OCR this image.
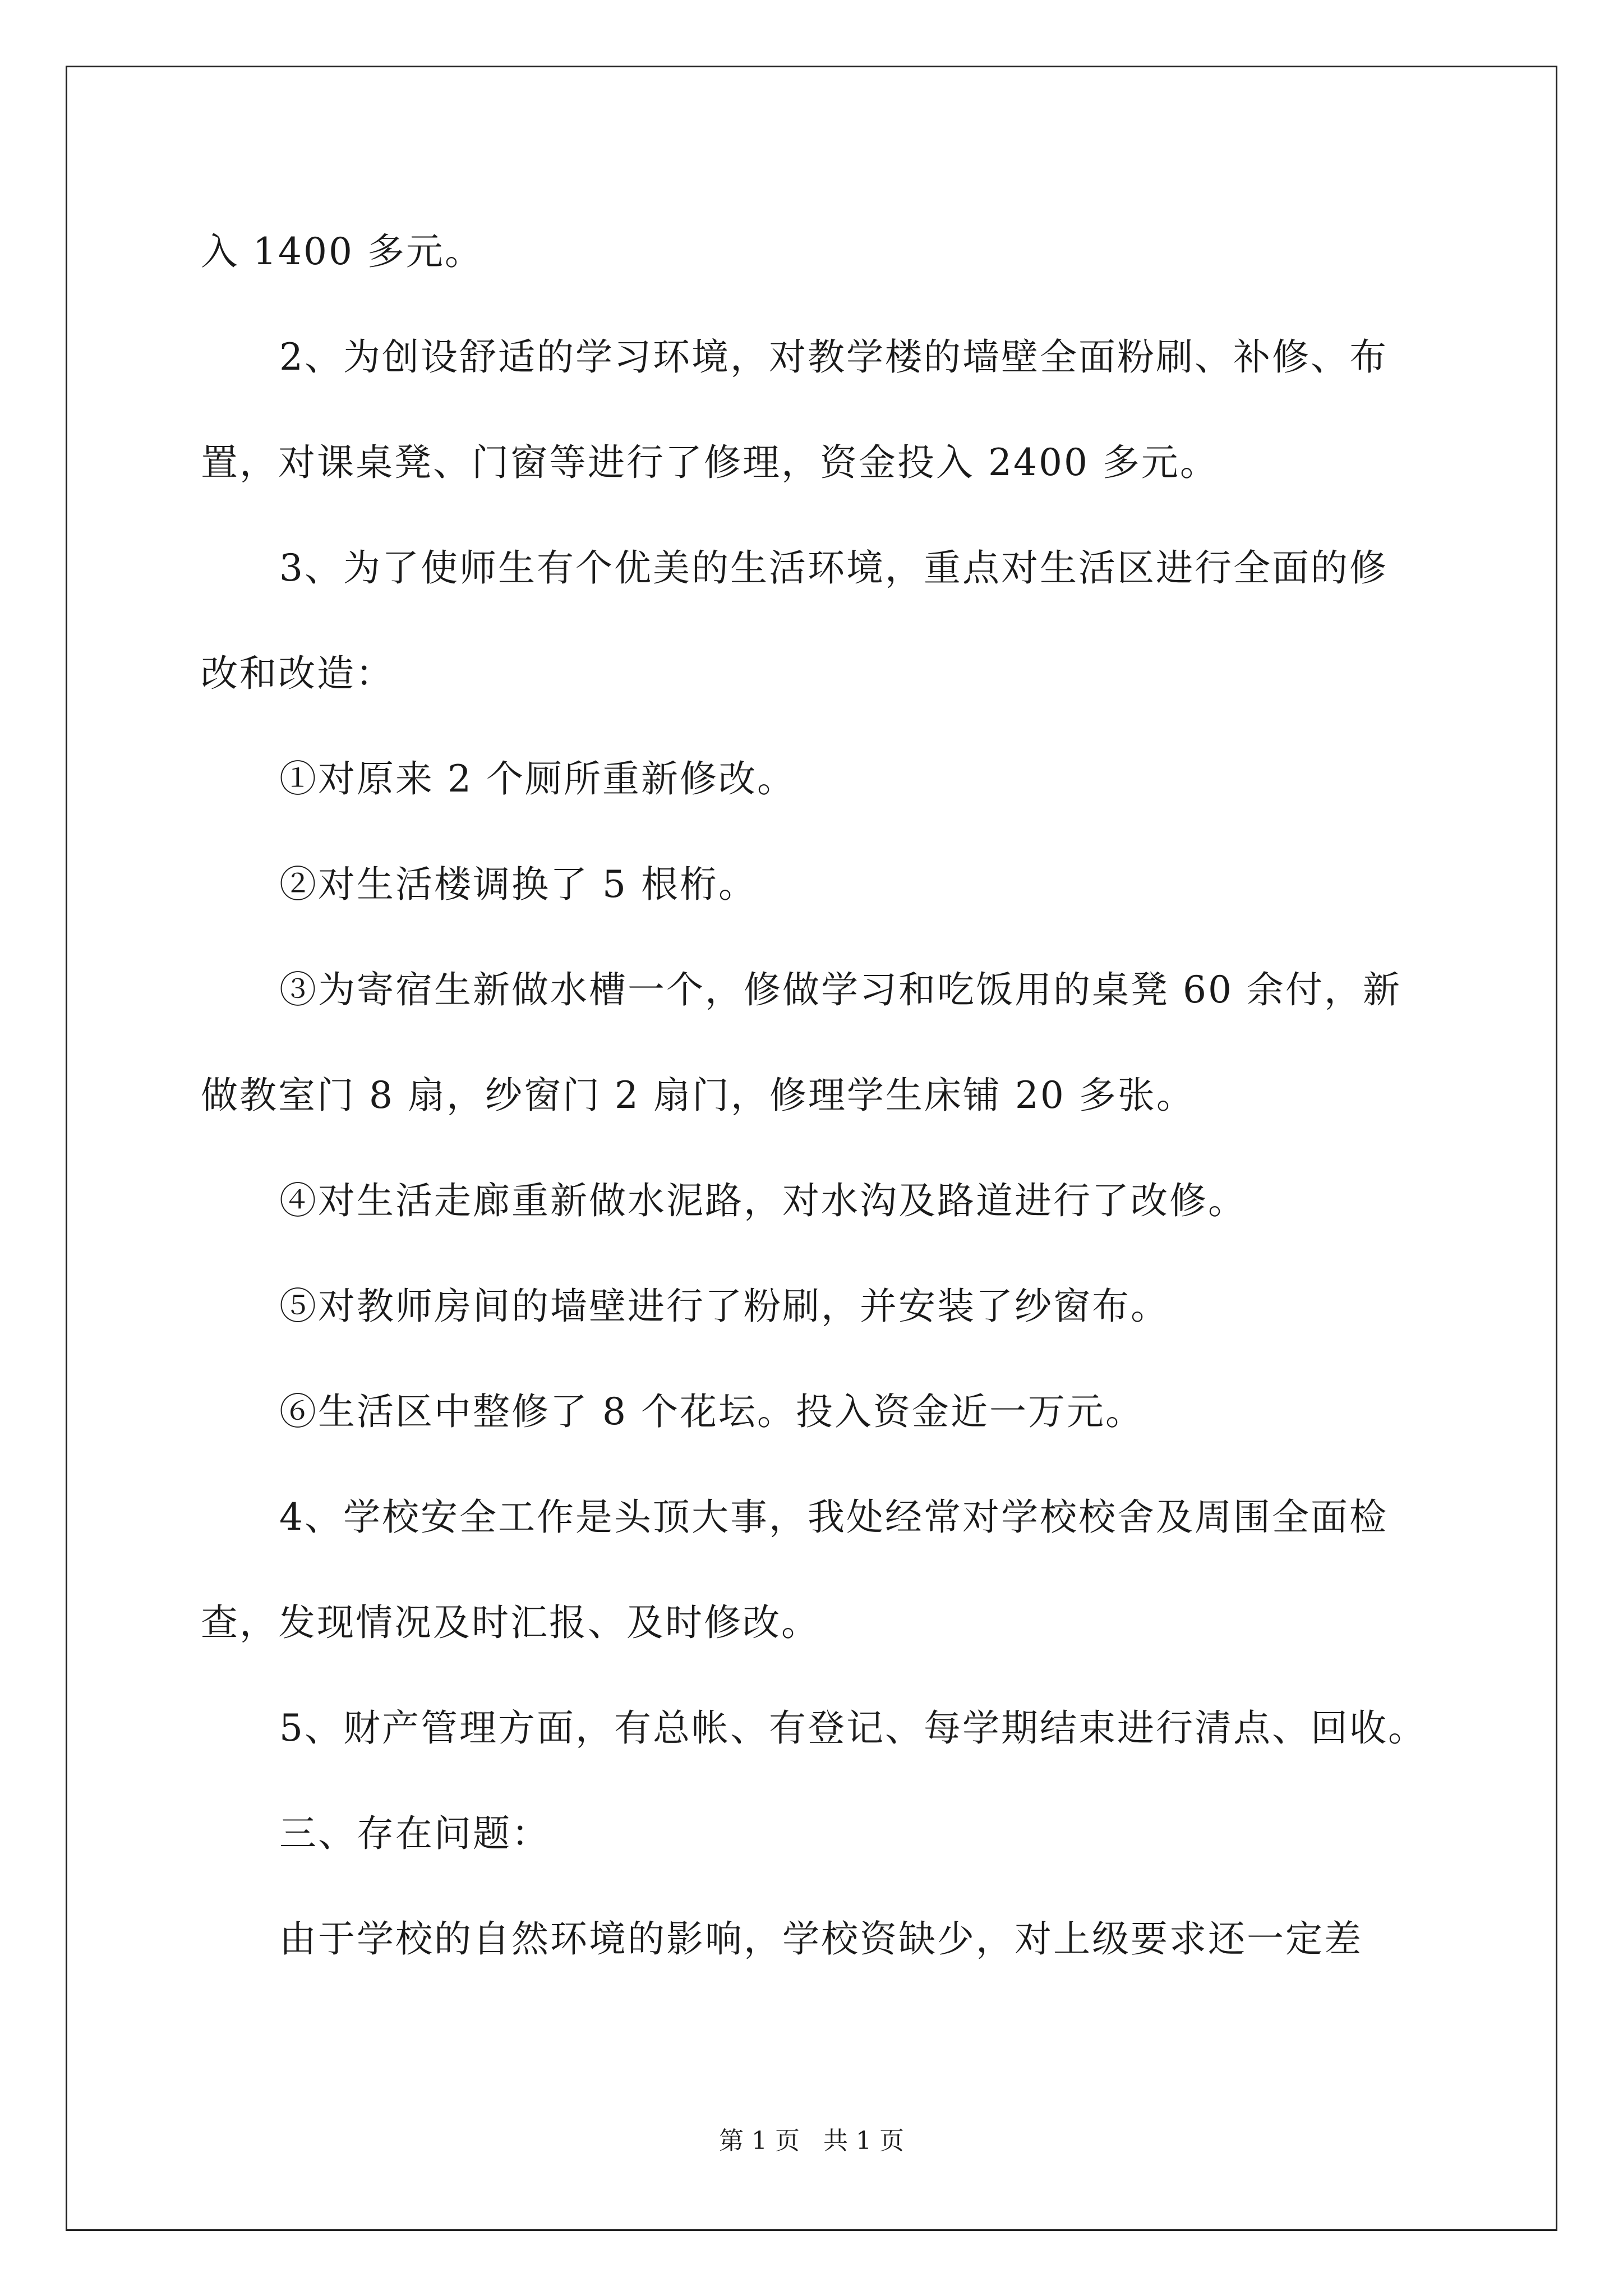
入 1400 多元。
2、为创设舒适的学习环境，对教学楼的墙壁全面粉刷、补修、布
置，对课桌凳、门窗等进行了修理，资金投入 2400 多元。
3、为了使师生有个优美的生活环境，重点对生活区进行全面的修
改和改造：
①对原来 2 个厕所重新修改。
②对生活楼调换了 5 根桁。
③为寄宿生新做水槽一个，修做学习和吃饭用的桌凳 60 余付，新
做教室门 8 扇，纱窗门 2 扇门，修理学生床铺 20 多张。
④对生活走廊重新做水泥路，对水沟及路道进行了改修。
⑤对教师房间的墙壁进行了粉刷，并安装了纱窗布。
⑥生活区中整修了 8 个花坛。投入资金近一万元。
4、学校安全工作是头顶大事，我处经常对学校校舍及周围全面检
查，发现情况及时汇报、及时修改。
5、财产管理方面，有总帐、有登记、每学期结束进行清点、回收。
三、存在问题：
由于学校的自然环境的影响，学校资缺少，对上级要求还一定差
第 1 页 共 1 页
